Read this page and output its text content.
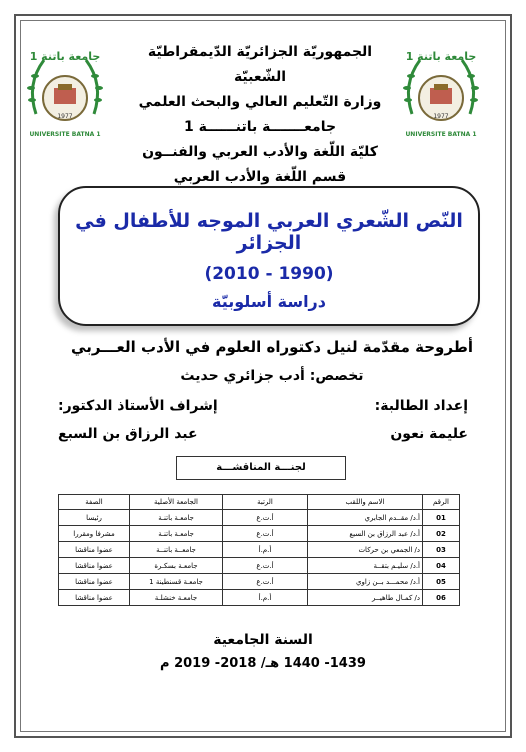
جامعة باتنة 1
1977
UNIVERSITE BATNA 1
جامعة باتنة 1
1977
UNIVERSITE BATNA 1
الجمهوريّة الجزائريّة الدّيمقراطيّة الشّعبيّة
وزارة التّعليم العالي والبحث العلمي
جامعـــــــة باتنــــــة 1
كليّة اللّغة والأدب العربي والفنــون
قسم اللّغة والأدب العربي
النّص الشّعري العربي الموجه للأطفال في الجزائر
(1990 - 2010)
دراسة أسلوبيّة
أطروحة مقدّمة لنيل دكتوراه العلوم في الأدب العـــربي
تخصص: أدب جزائري حديث
إعداد الطالبة:
إشراف الأستاذ الدكتور:
عليمة نعون
عبد الرزاق بن السبع
لجنـــة المناقشـــة
الرقم	الاسم واللقب	الرتبة	الجامعة الأصلية	الصفة
01	أ.د/ مقــدم الجابري	أ.ت.ع	جامعـة باتنـة	رئيسا
02	أ.د/ عبد الرزاق بن السبع	أ.ت.ع	جامعـة باتنـة	مشرفا ومقررا
03	د/ الجمعي بن حركات	أ.م.أ	جامعــة باتنــة	عضوا مناقشا
04	أ.د/ سليـم بتقــة	أ.ت.ع	جامعـة بسكـرة	عضوا مناقشا
05	أ.د/ محمـــد بــن زاوي	أ.ت.ع	جامعـة قسنطينة 1	عضوا مناقشا
06	د/ كمـال طاهيــر	أ.م.أ	جامعـة خنشلـة	عضوا مناقشا
السنة الجامعية
1439- 1440 هـ/ 2018- 2019 م
